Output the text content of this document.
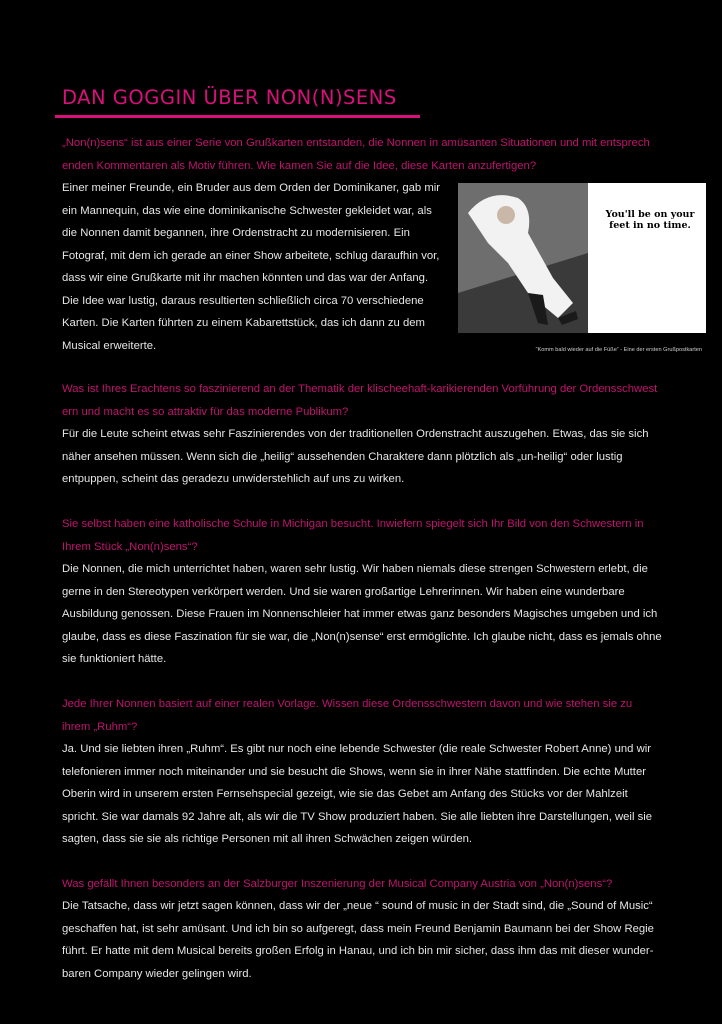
DAN GOGGIN ÜBER NON(N)SENS

„Non(n)sens“ ist aus einer Serie von Grußkarten entstanden, die Nonnen in amüsanten Situationen und mit entsprech enden Kommentaren als Motiv führen. Wie kamen Sie auf die Idee, diese Karten anzufertigen?

Einer meiner Freunde, ein Bruder aus dem Orden der Dominikaner, gab mir ein Mannequin, das wie eine dominikanische Schwester gekleidet war, als die Nonnen damit begannen, ihre Ordenstracht zu modernisieren. Ein Fotograf, mit dem ich gerade an einer Show arbeitete, schlug daraufhin vor, dass wir eine Grußkarte mit ihr machen könnten und das war der Anfang. Die Idee war lustig, daraus resultierten schließlich circa 70 verschiedene Karten. Die Karten führten zu einem Kabarettstück, das ich dann zu dem Musical erweiterte.

You'll be on your feet in no time.
“Komm bald wieder auf die Füße” - Eine der ersten Grußpostkarten

Was ist Ihres Erachtens so faszinierend an der Thematik der klischeehaft-karikierenden Vorführung der Ordensschwest ern und macht es so attraktiv für das moderne Publikum?

Für die Leute scheint etwas sehr Faszinierendes von der traditionellen Ordenstracht auszugehen. Etwas, das sie sich näher ansehen müssen. Wenn sich die „heilig“ aussehenden Charaktere dann plötzlich als „un-heilig“ oder lustig entpuppen, scheint das geradezu unwiderstehlich auf uns zu wirken.

Sie selbst haben eine katholische Schule in Michigan besucht. Inwiefern spiegelt sich Ihr Bild von den Schwestern in Ihrem Stück „Non(n)sens“?

Die Nonnen, die mich unterrichtet haben, waren sehr lustig. Wir haben niemals diese strengen Schwestern erlebt, die gerne in den Stereotypen verkörpert werden. Und sie waren großartige Lehrerinnen. Wir haben eine wunderbare Ausbildung genossen. Diese Frauen im Nonnenschleier hat immer etwas ganz besonders Magisches umgeben und ich glaube, dass es diese Faszination für sie war, die „Non(n)sense“ erst ermöglichte. Ich glaube nicht, dass es jemals ohne sie funktioniert hätte.

Jede Ihrer Nonnen basiert auf einer realen Vorlage. Wissen diese Ordensschwestern davon und wie stehen sie zu ihrem „Ruhm“?

Ja. Und sie liebten ihren „Ruhm“. Es gibt nur noch eine lebende Schwester (die reale Schwester Robert Anne) und wir telefonieren immer noch miteinander und sie besucht die Shows, wenn sie in ihrer Nähe stattfinden. Die echte Mutter Oberin wird in unserem ersten Fernsehspecial gezeigt, wie sie das Gebet am Anfang des Stücks vor der Mahlzeit spricht. Sie war damals 92 Jahre alt, als wir die TV Show produziert haben. Sie alle liebten ihre Darstellungen, weil sie sagten, dass sie sie als richtige Personen mit all ihren Schwächen zeigen würden.

Was gefällt Ihnen besonders an der Salzburger Inszenierung der Musical Company Austria von „Non(n)sens“?

Die Tatsache, dass wir jetzt sagen können, dass wir der „neue “ sound of music in der Stadt sind, die „Sound of Music“ geschaffen hat, ist sehr amüsant. Und ich bin so aufgeregt, dass mein Freund Benjamin Baumann bei der Show Regie führt. Er hatte mit dem Musical bereits großen Erfolg in Hanau, und ich bin mir sicher, dass ihm das mit dieser wunder-baren Company wieder gelingen wird.
